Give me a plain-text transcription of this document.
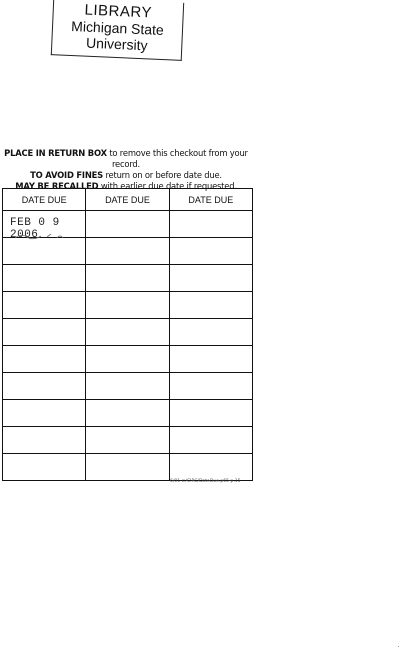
LIBRARY
Michigan State
University
PLACE IN RETURN BOX to remove this checkout from your record.
TO AVOID FINES return on or before date due.
MAY BE RECALLED with earlier due date if requested.
DATE DUE	DATE DUE	DATE DUE

FEB 0 9 2006		

6/01 c:/CIRC/DateDue.p65-p.15
